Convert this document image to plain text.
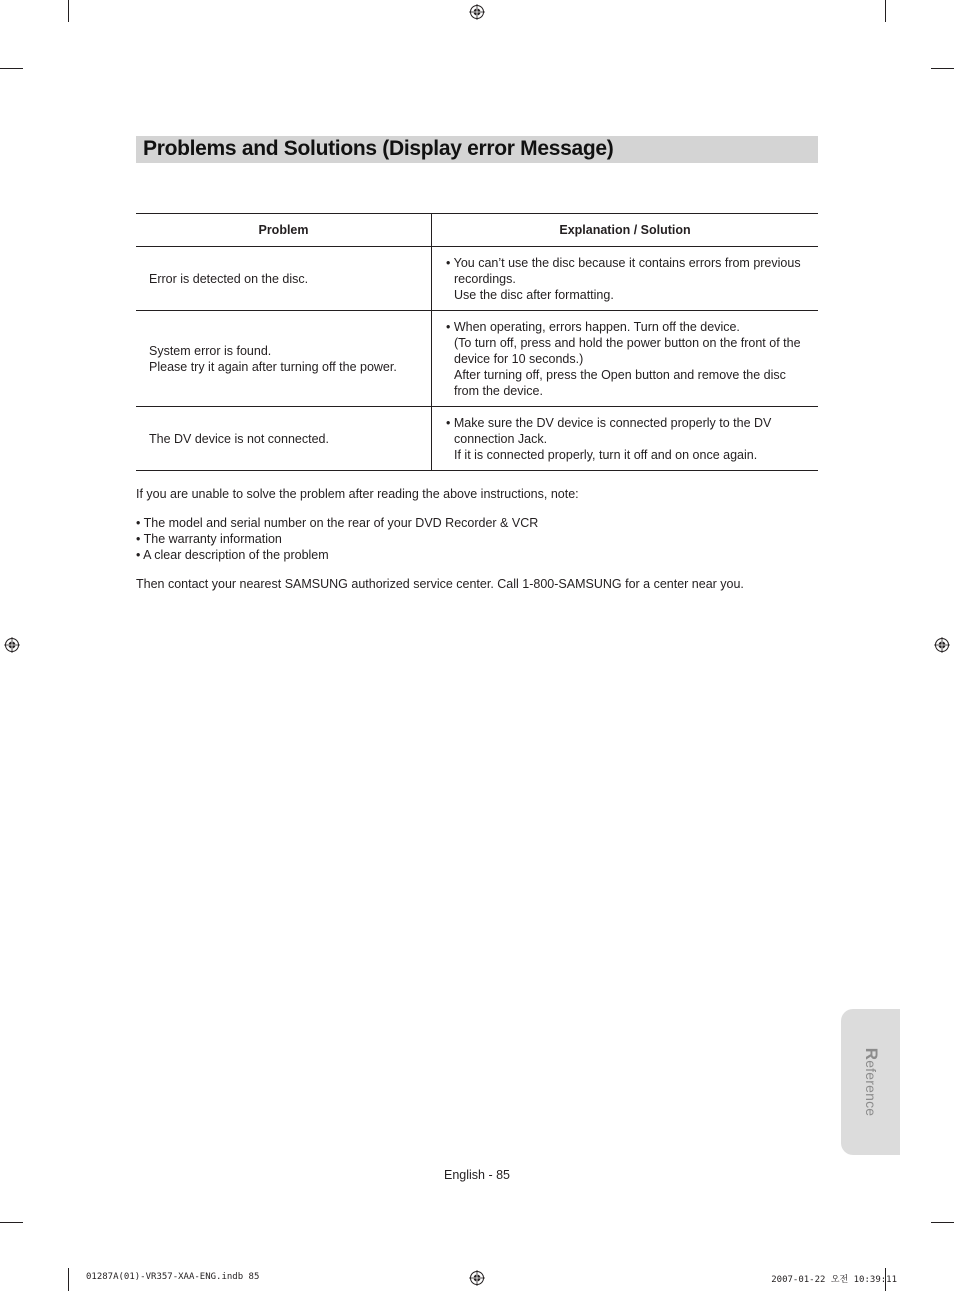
Problems and Solutions (Display error Message)
Problem	Explanation / Solution

Error is detected on the disc.	• You can’t use the disc because it contains errors from previous recordings.
Use the disc after formatting.

System error is found.
Please try it again after turning off the power.	• When operating, errors happen. Turn off the device.
(To turn off, press and hold the power button on the front of the device for 10 seconds.)
After turning off, press the Open button and remove the disc from the device.

The DV device is not connected.	• Make sure the DV device is connected properly to the DV connection Jack.
If it is connected properly, turn it off and on once again.
If you are unable to solve the problem after reading the above instructions, note:
• The model and serial number on the rear of your DVD Recorder & VCR
• The warranty information
• A clear description of the problem
Then contact your nearest SAMSUNG authorized service center. Call 1-800-SAMSUNG for a center near you.
Reference
English - 85
01287A(01)-VR357-XAA-ENG.indb 85	2007-01-22 오전 10:39:11
